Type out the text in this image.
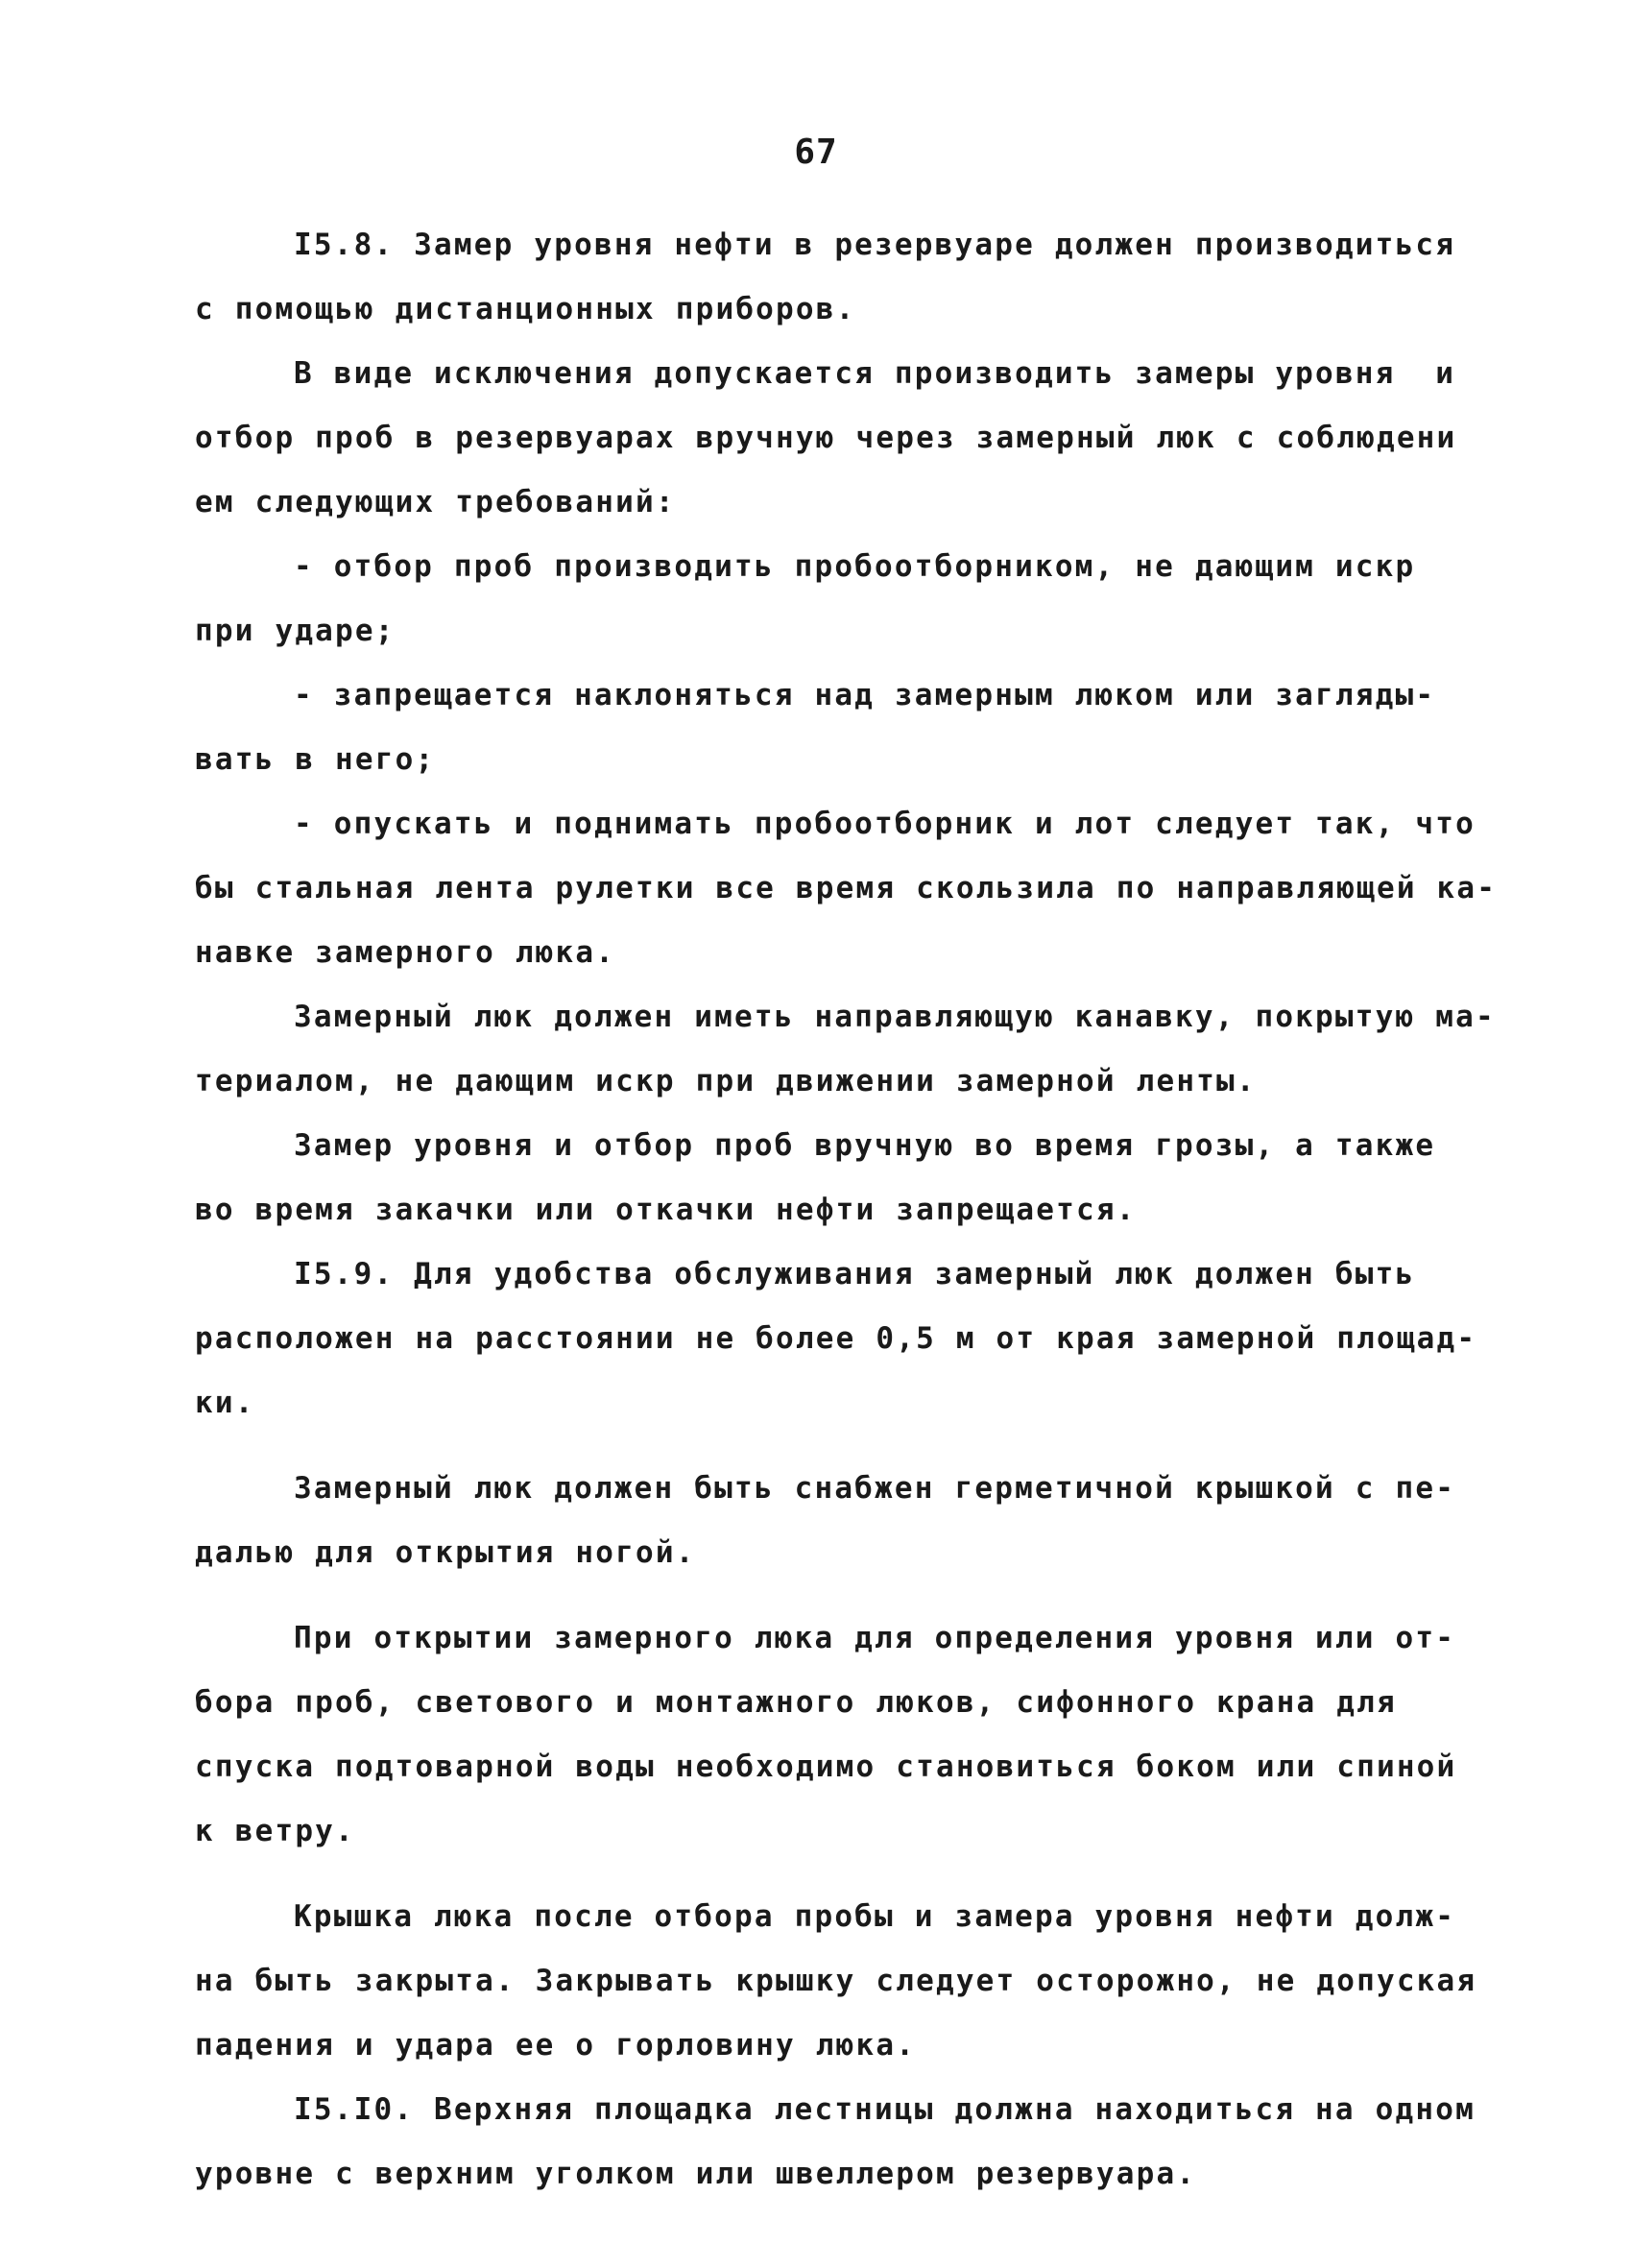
67
I5.8. Замер уровня нефти в резервуаре должен производиться
с помощью дистанционных приборов.
В виде исключения допускается производить замеры уровня  и
отбор проб в резервуарах вручную через замерный люк с соблюдени
ем следующих требований:
- отбор проб производить пробоотборником, не дающим искр
при ударе;
- запрещается наклоняться над замерным люком или загляды-
вать в него;
- опускать и поднимать пробоотборник и лот следует так, что
бы стальная лента рулетки все время скользила по направляющей ка-
навке замерного люка.
Замерный люк должен иметь направляющую канавку, покрытую ма-
териалом, не дающим искр при движении замерной ленты.
Замер уровня и отбор проб вручную во время грозы, а также
во время закачки или откачки нефти запрещается.
I5.9. Для удобства обслуживания замерный люк должен быть
расположен на расстоянии не более 0,5 м от края замерной площад-
ки.
Замерный люк должен быть снабжен герметичной крышкой с пе-
далью для открытия ногой.
При открытии замерного люка для определения уровня или от-
бора проб, светового и монтажного люков, сифонного крана для
спуска подтоварной воды необходимо становиться боком или спиной
к ветру.
Крышка люка после отбора пробы и замера уровня нефти долж-
на быть закрыта. Закрывать крышку следует осторожно, не допуская
падения и удара ее о горловину люка.
I5.I0. Верхняя площадка лестницы должна находиться на одном
уровне с верхним уголком или швеллером резервуара.
